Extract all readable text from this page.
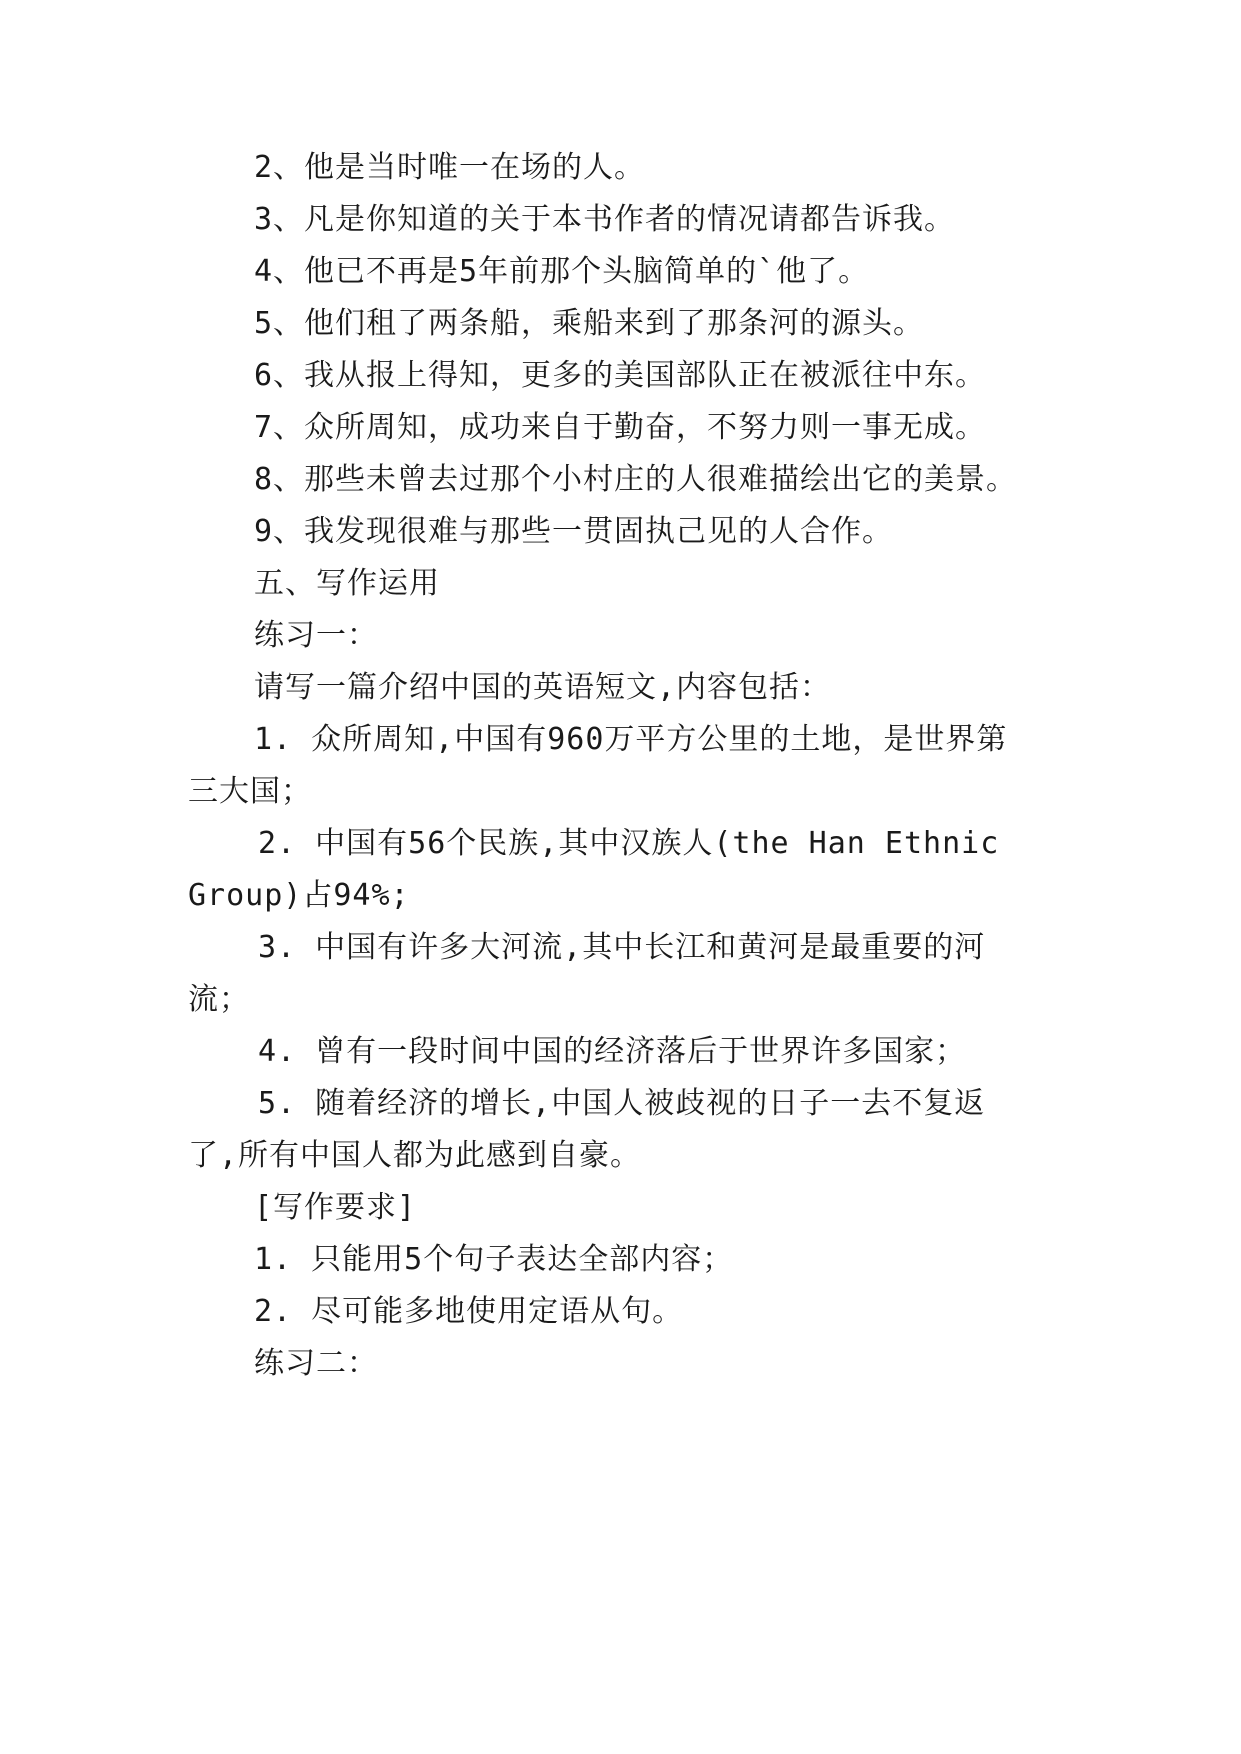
2、他是当时唯一在场的人。
3、凡是你知道的关于本书作者的情况请都告诉我。
4、他已不再是5年前那个头脑简单的`他了。
5、他们租了两条船，乘船来到了那条河的源头。
6、我从报上得知，更多的美国部队正在被派往中东。
7、众所周知，成功来自于勤奋，不努力则一事无成。
8、那些未曾去过那个小村庄的人很难描绘出它的美景。
9、我发现很难与那些一贯固执己见的人合作。
五、写作运用
练习一：
请写一篇介绍中国的英语短文,内容包括：
1. 众所周知,中国有960万平方公里的土地，是世界第
三大国；
2. 中国有56个民族,其中汉族人(the Han Ethnic
Group)占94%;
3. 中国有许多大河流,其中长江和黄河是最重要的河
流；
4. 曾有一段时间中国的经济落后于世界许多国家；
5. 随着经济的增长,中国人被歧视的日子一去不复返
了,所有中国人都为此感到自豪。
[写作要求]
1. 只能用5个句子表达全部内容；
2. 尽可能多地使用定语从句。
练习二：
